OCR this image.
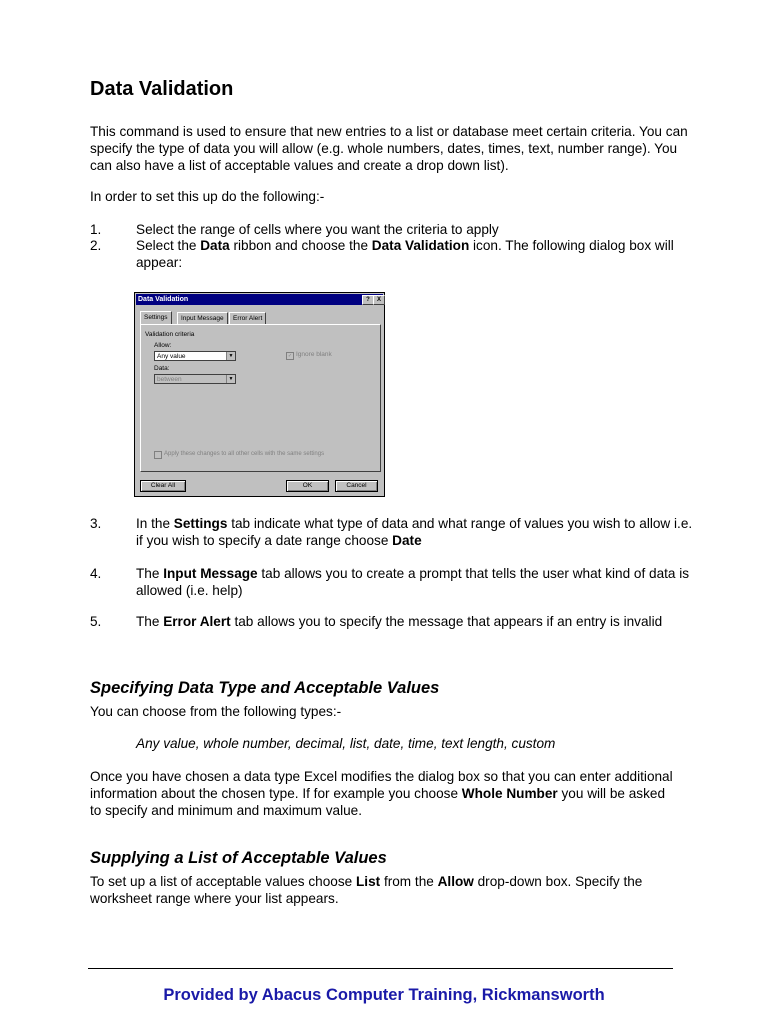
Data Validation

This command is used to ensure that new entries to a list or database meet certain criteria. You can specify the type of data you will allow (e.g. whole numbers, dates, times, text, number range). You can also have a list of acceptable values and create a drop down list).

In order to set this up do the following:-

1.	Select the range of cells where you want the criteria to apply
2.	Select the Data ribbon and choose the Data Validation icon. The following dialog box will appear:
Data Validation	?	X
Settings	Input Message	Error Alert
Validation criteria
Allow:
Any value	▼	✓ Ignore blank
Data:
between	▼
Apply these changes to all other cells with the same settings
Clear All	OK	Cancel
3.	In the Settings tab indicate what type of data and what range of values you wish to allow i.e. if you wish to specify a date range choose Date
4.	The Input Message tab allows you to create a prompt that tells the user what kind of data is allowed (i.e. help)
5.	The Error Alert tab allows you to specify the message that appears if an entry is invalid
Specifying Data Type and Acceptable Values

You can choose from the following types:-

Any value, whole number, decimal, list, date, time, text length, custom

Once you have chosen a data type Excel modifies the dialog box so that you can enter additional information about the chosen type. If for example you choose Whole Number you will be asked to specify and minimum and maximum value.

Supplying a List of Acceptable Values

To set up a list of acceptable values choose List from the Allow drop-down box. Specify the worksheet range where your list appears.

Provided by Abacus Computer Training, Rickmansworth
